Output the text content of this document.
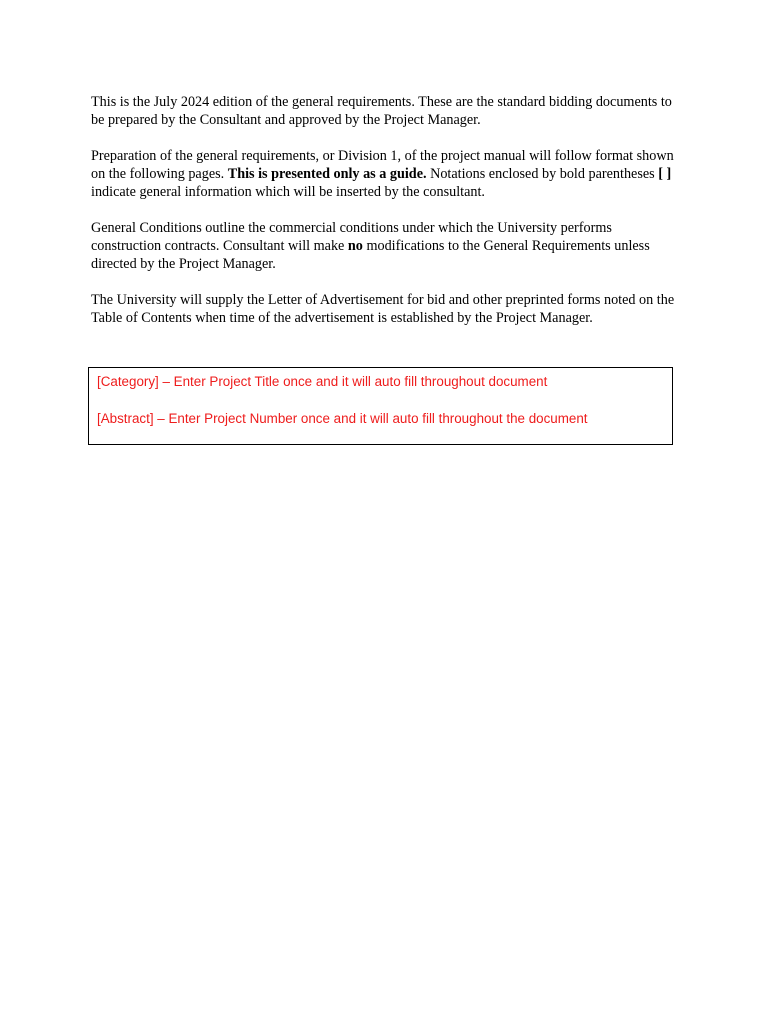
This is the July 2024 edition of the general requirements. These are the standard bidding documents to be prepared by the Consultant and approved by the Project Manager.

Preparation of the general requirements, or Division 1, of the project manual will follow format shown on the following pages. This is presented only as a guide. Notations enclosed by bold parentheses [ ] indicate general information which will be inserted by the consultant.

General Conditions outline the commercial conditions under which the University performs construction contracts. Consultant will make no modifications to the General Requirements unless directed by the Project Manager.

The University will supply the Letter of Advertisement for bid and other preprinted forms noted on the Table of Contents when time of the advertisement is established by the Project Manager.

[Category] – Enter Project Title once and it will auto fill throughout document
[Abstract] – Enter Project Number once and it will auto fill throughout the document
